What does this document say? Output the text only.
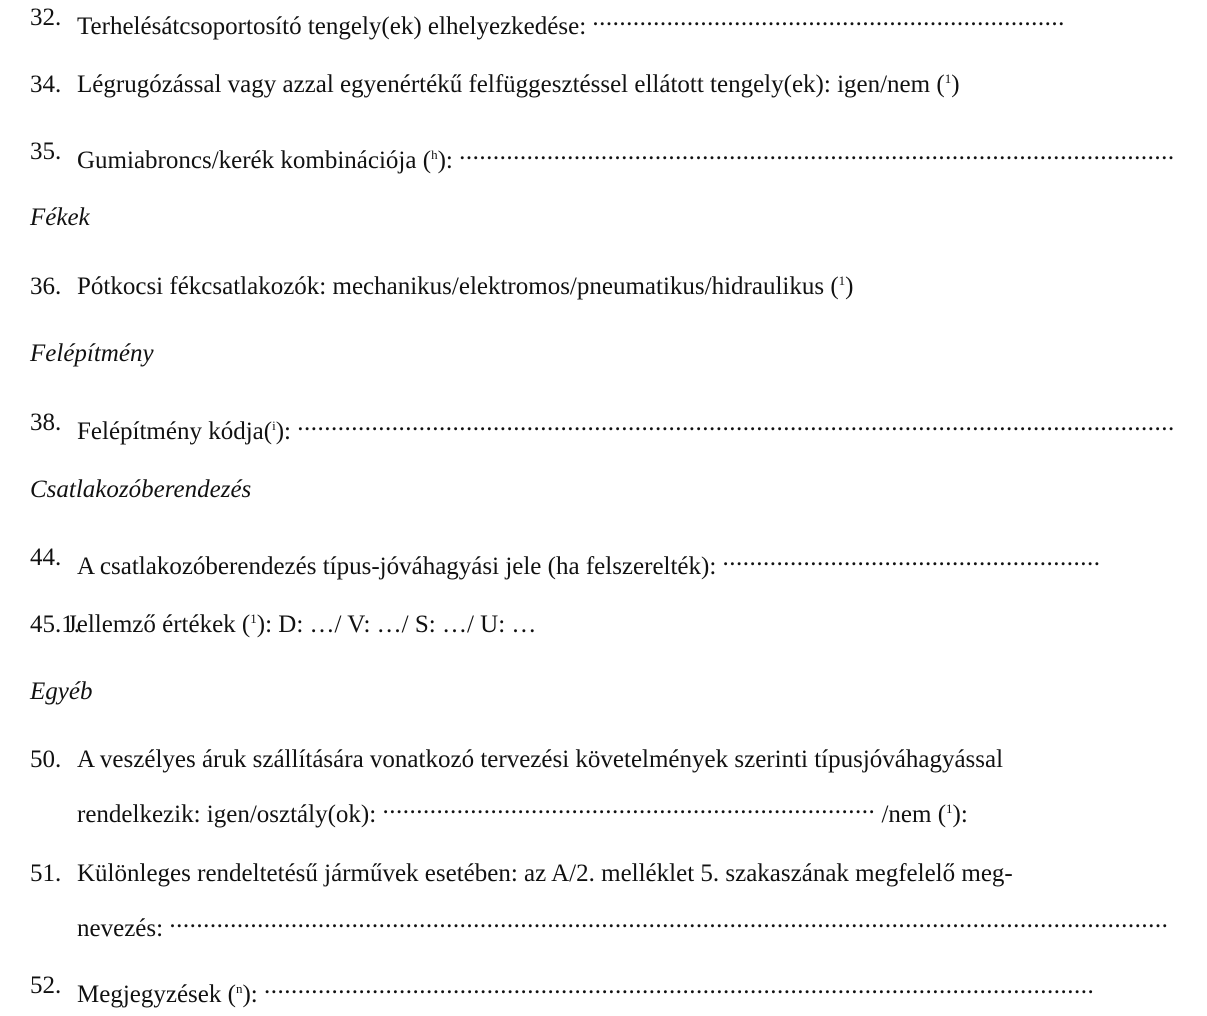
32. Terhelésátcsoportosító tengely(ek) elhelyezkedése: ......................................................................
34. Légrugózással vagy azzal egyenértékű felfüggesztéssel ellátott tengely(ek): igen/nem ($^1$)
35. Gumiabroncs/kerék kombinációja ($^h$): ..........................................................................................................
Fékek
36. Pótkocsi fékcsatlakozók: mechanikus/elektromos/pneumatikus/hidraulikus ($^1$)
Felépítmény
38. Felépítmény kódja($^i$): ..................................................................................................................................
Csatlakozóberendezés
44. A csatlakozóberendezés típus-jóváhagyási jele (ha felszerelték): ........................................................
45.1.
Jellemző értékek ($^1$): D: …/ V: …/ S: …/ U: …
Egyéb
50. A veszélyes áruk szállítására vonatkozó tervezési követelmények szerinti típusjóváhagyással
rendelkezik: igen/osztály(ok): ......................................................................... /nem ($^1$):
51. Különleges rendeltetésű járművek esetében: az A/2. melléklet 5. szakaszának megfelelő meg-
nevezés: ....................................................................................................................................................
52. Megjegyzések ($^n$): ...........................................................................................................................
